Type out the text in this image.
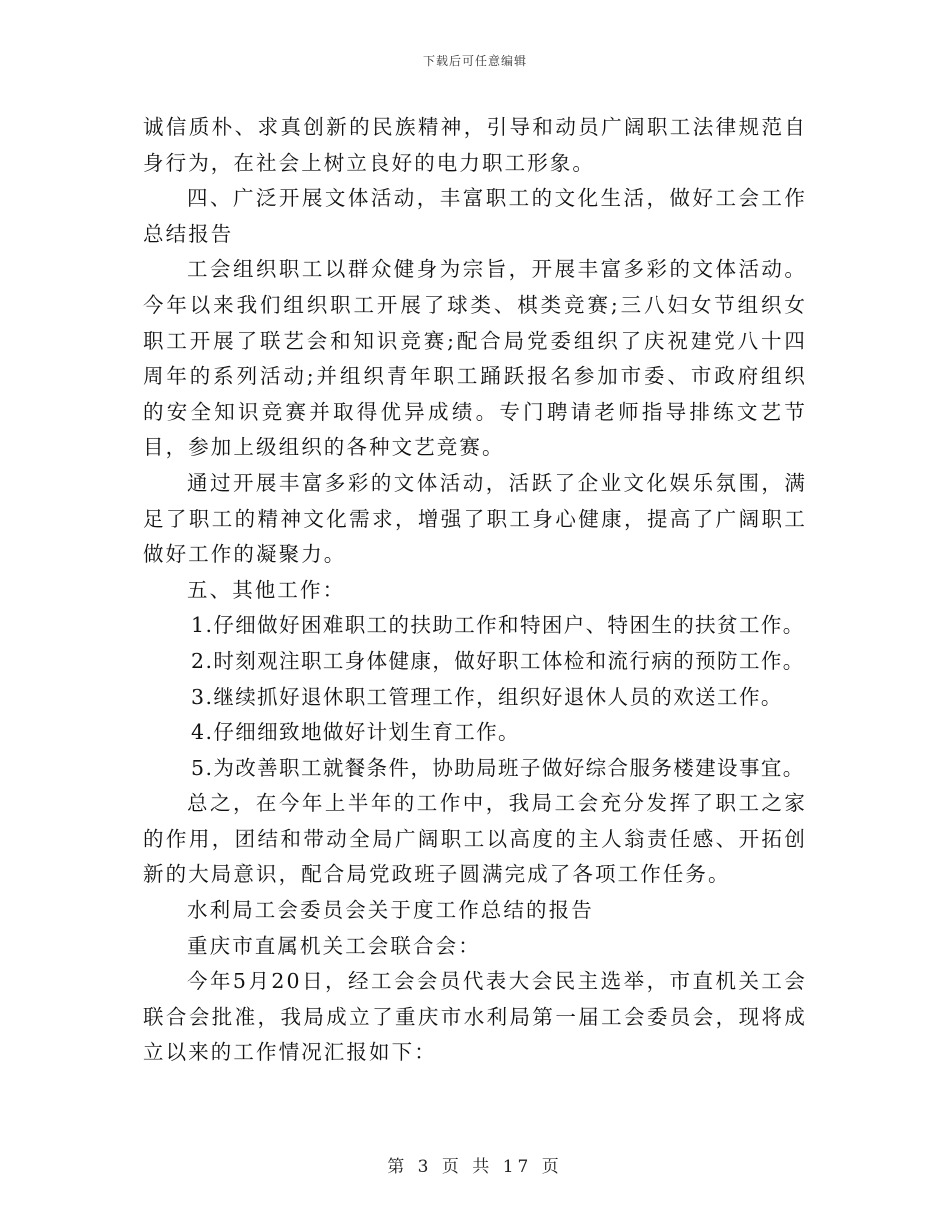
下载后可任意编辑

诚信质朴、求真创新的民族精神，引导和动员广阔职工法律规范自身行为，在社会上树立良好的电力职工形象。

四、广泛开展文体活动，丰富职工的文化生活，做好工会工作总结报告

工会组织职工以群众健身为宗旨，开展丰富多彩的文体活动。今年以来我们组织职工开展了球类、棋类竞赛;三八妇女节组织女职工开展了联艺会和知识竞赛;配合局党委组织了庆祝建党八十四周年的系列活动;并组织青年职工踊跃报名参加市委、市政府组织的安全知识竞赛并取得优异成绩。专门聘请老师指导排练文艺节目，参加上级组织的各种文艺竞赛。

通过开展丰富多彩的文体活动，活跃了企业文化娱乐氛围，满足了职工的精神文化需求，增强了职工身心健康，提高了广阔职工做好工作的凝聚力。

五、其他工作：

1.仔细做好困难职工的扶助工作和特困户、特困生的扶贫工作。

2.时刻观注职工身体健康，做好职工体检和流行病的预防工作。

3.继续抓好退休职工管理工作，组织好退休人员的欢送工作。

4.仔细细致地做好计划生育工作。

5.为改善职工就餐条件，协助局班子做好综合服务楼建设事宜。

总之，在今年上半年的工作中，我局工会充分发挥了职工之家的作用，团结和带动全局广阔职工以高度的主人翁责任感、开拓创新的大局意识，配合局党政班子圆满完成了各项工作任务。

水利局工会委员会关于度工作总结的报告

重庆市直属机关工会联合会：

今年5月20日，经工会会员代表大会民主选举，市直机关工会联合会批准，我局成立了重庆市水利局第一届工会委员会，现将成立以来的工作情况汇报如下：

第 3 页 共 17 页
